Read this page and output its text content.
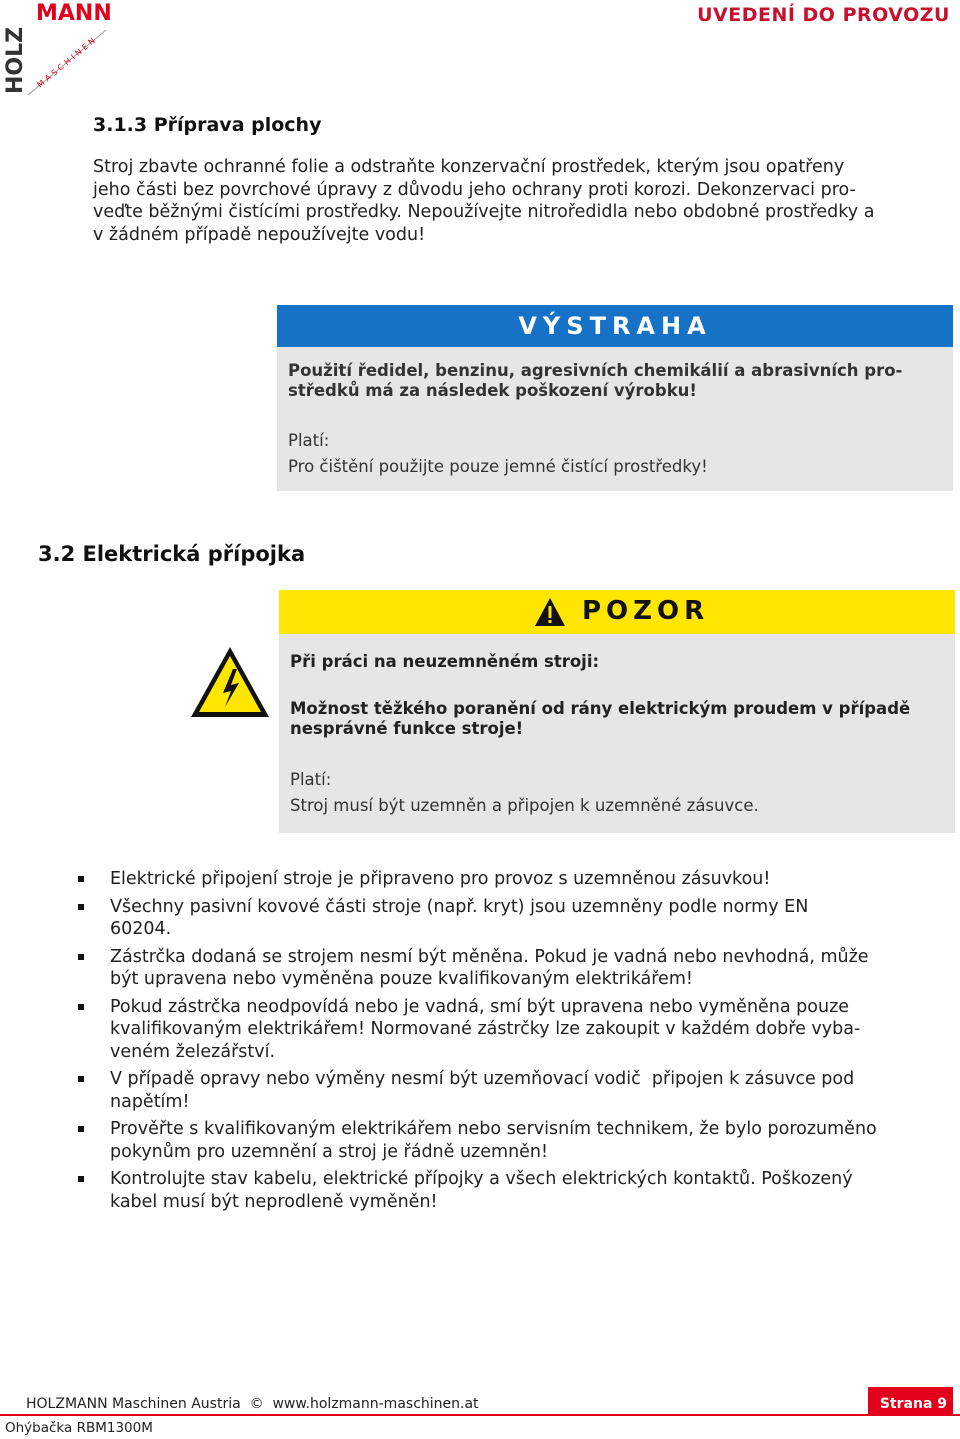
MANN
HOLZ MASCHINEN
UVEDENÍ DO PROVOZU
3.1.3 Příprava plochy
Stroj zbavte ochranné folie a odstraňte konzervační prostředek, kterým jsou opatřeny
jeho části bez povrchové úpravy z důvodu jeho ochrany proti korozi. Dekonzervaci pro-
veďte běžnými čistícími prostředky. Nepoužívejte nitroředidla nebo obdobné prostředky a
v žádném případě nepoužívejte vodu!
VÝSTRAHA
Použití ředidel, benzinu, agresivních chemikálií a abrasivních pro-
středků má za následek poškození výrobku!
Platí:
Pro čištění použijte pouze jemné čistící prostředky!
3.2 Elektrická přípojka
POZOR
Při práci na neuzemněném stroji:
Možnost těžkého poranění od rány elektrickým proudem v případě
nesprávné funkce stroje!
Platí:
Stroj musí být uzemněn a připojen k uzemněné zásuvce.
Elektrické připojení stroje je připraveno pro provoz s uzemněnou zásuvkou!
Všechny pasivní kovové části stroje (např. kryt) jsou uzemněny podle normy EN
60204.
Zástrčka dodaná se strojem nesmí být měněna. Pokud je vadná nebo nevhodná, může
být upravena nebo vyměněna pouze kvalifikovaným elektrikářem!
Pokud zástrčka neodpovídá nebo je vadná, smí být upravena nebo vyměněna pouze
kvalifikovaným elektrikářem! Normované zástrčky lze zakoupit v každém dobře vyba-
veném železářství.
V případě opravy nebo výměny nesmí být uzemňovací vodič  připojen k zásuvce pod
napětím!
Prověřte s kvalifikovaným elektrikářem nebo servisním technikem, že bylo porozuměno
pokynům pro uzemnění a stroj je řádně uzemněn!
Kontrolujte stav kabelu, elektrické přípojky a všech elektrických kontaktů. Poškozený
kabel musí být neprodleně vyměněn!
HOLZMANN Maschinen Austria  ©  www.holzmann-maschinen.at	Strana 9
Ohýbačka RBM1300M
